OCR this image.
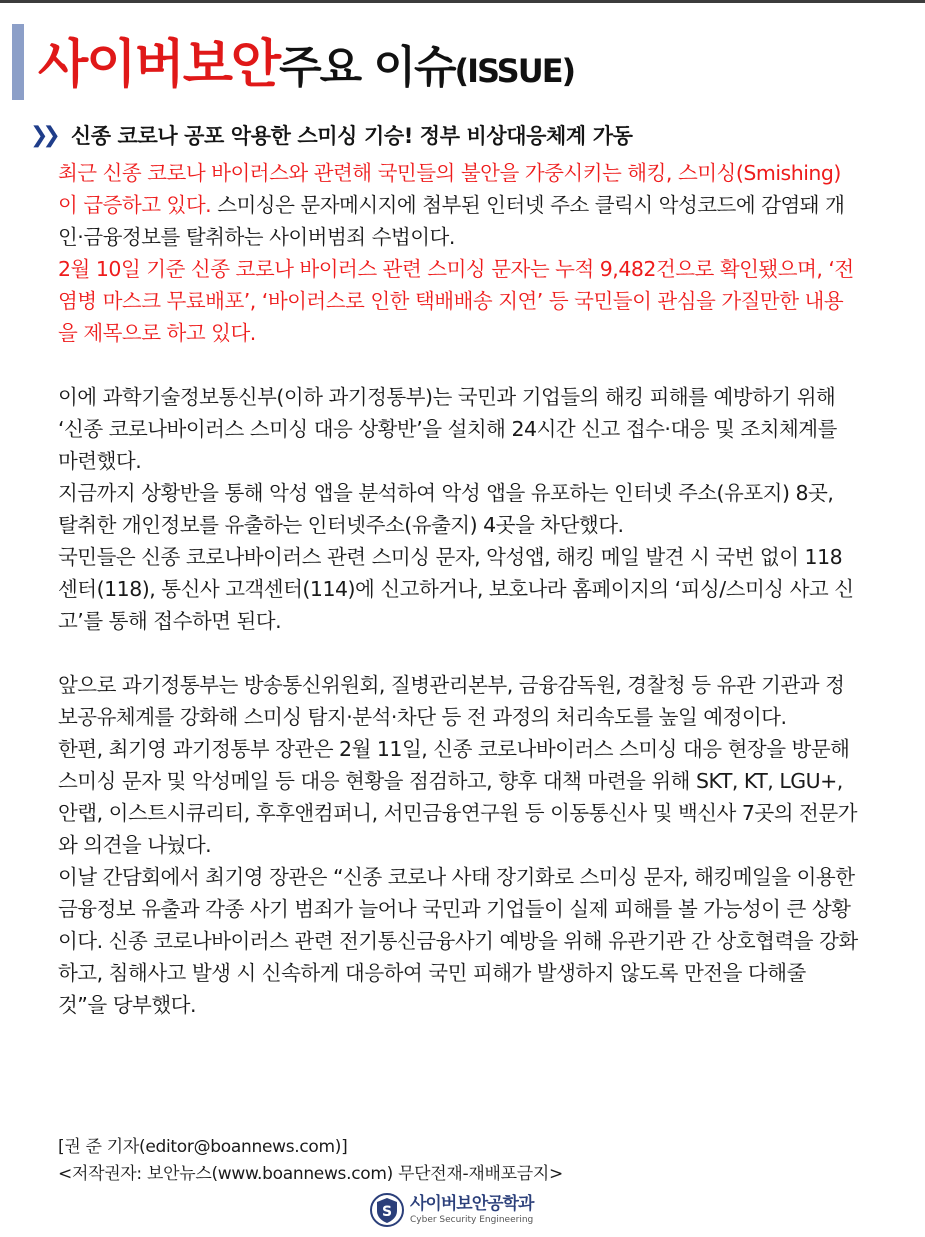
사이버보안주요 이슈(ISSUE)
❯❯ 신종 코로나 공포 악용한 스미싱 기승! 정부 비상대응체계 가동
최근 신종 코로나 바이러스와 관련해 국민들의 불안을 가중시키는 해킹, 스미싱(Smishing)이 급증하고 있다. 스미싱은 문자메시지에 첨부된 인터넷 주소 클릭시 악성코드에 감염돼 개인·금융정보를 탈취하는 사이버범죄 수법이다.
2월 10일 기준 신종 코로나 바이러스 관련 스미싱 문자는 누적 9,482건으로 확인됐으며, ‘전염병 마스크 무료배포’, ‘바이러스로 인한 택배배송 지연’ 등 국민들이 관심을 가질만한 내용을 제목으로 하고 있다.
이에 과학기술정보통신부(이하 과기정통부)는 국민과 기업들의 해킹 피해를 예방하기 위해 ‘신종 코로나바이러스 스미싱 대응 상황반’을 설치해 24시간 신고 접수·대응 및 조치체계를 마련했다.
지금까지 상황반을 통해 악성 앱을 분석하여 악성 앱을 유포하는 인터넷 주소(유포지) 8곳, 탈취한 개인정보를 유출하는 인터넷주소(유출지) 4곳을 차단했다.
국민들은 신종 코로나바이러스 관련 스미싱 문자, 악성앱, 해킹 메일 발견 시 국번 없이 118센터(118), 통신사 고객센터(114)에 신고하거나, 보호나라 홈페이지의 ‘피싱/스미싱 사고 신고’를 통해 접수하면 된다.
앞으로 과기정통부는 방송통신위원회, 질병관리본부, 금융감독원, 경찰청 등 유관 기관과 정보공유체계를 강화해 스미싱 탐지·분석·차단 등 전 과정의 처리속도를 높일 예정이다.
한편, 최기영 과기정통부 장관은 2월 11일, 신종 코로나바이러스 스미싱 대응 현장을 방문해 스미싱 문자 및 악성메일 등 대응 현황을 점검하고, 향후 대책 마련을 위해 SKT, KT, LGU+, 안랩, 이스트시큐리티, 후후앤컴퍼니, 서민금융연구원 등 이동통신사 및 백신사 7곳의 전문가와 의견을 나눴다.
이날 간담회에서 최기영 장관은 “신종 코로나 사태 장기화로 스미싱 문자, 해킹메일을 이용한 금융정보 유출과 각종 사기 범죄가 늘어나 국민과 기업들이 실제 피해를 볼 가능성이 큰 상황이다. 신종 코로나바이러스 관련 전기통신금융사기 예방을 위해 유관기관 간 상호협력을 강화하고, 침해사고 발생 시 신속하게 대응하여 국민 피해가 발생하지 않도록 만전을 다해줄 것”을 당부했다.
[권 준 기자(editor@boannews.com)]
<저작권자: 보안뉴스(www.boannews.com) 무단전재-재배포금지>
S 사이버보안공학과
Cyber Security Engineering
